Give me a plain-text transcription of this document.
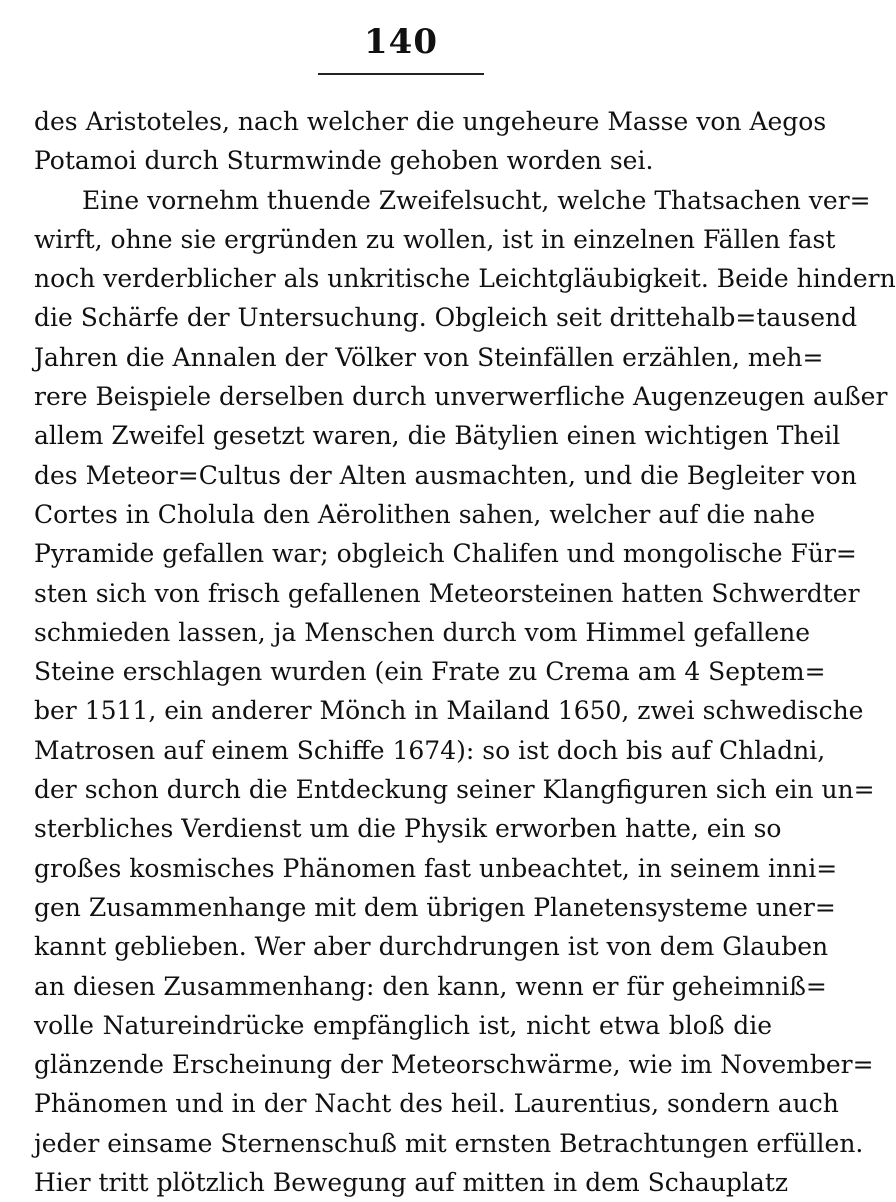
140
des Aristoteles, nach welcher die ungeheure Masse von Aegos
Potamoi durch Sturmwinde gehoben worden sei.
Eine vornehm thuende Zweifelsucht, welche Thatsachen ver=
wirft, ohne sie ergründen zu wollen, ist in einzelnen Fällen fast
noch verderblicher als unkritische Leichtgläubigkeit. Beide hindern
die Schärfe der Untersuchung. Obgleich seit drittehalb=tausend
Jahren die Annalen der Völker von Steinfällen erzählen, meh=
rere Beispiele derselben durch unverwerfliche Augenzeugen außer
allem Zweifel gesetzt waren, die Bätylien einen wichtigen Theil
des Meteor=Cultus der Alten ausmachten, und die Begleiter von
Cortes in Cholula den Aërolithen sahen, welcher auf die nahe
Pyramide gefallen war; obgleich Chalifen und mongolische Für=
sten sich von frisch gefallenen Meteorsteinen hatten Schwerdter
schmieden lassen, ja Menschen durch vom Himmel gefallene
Steine erschlagen wurden (ein Frate zu Crema am 4 Septem=
ber 1511, ein anderer Mönch in Mailand 1650, zwei schwedische
Matrosen auf einem Schiffe 1674): so ist doch bis auf Chladni,
der schon durch die Entdeckung seiner Klangfiguren sich ein un=
sterbliches Verdienst um die Physik erworben hatte, ein so
großes kosmisches Phänomen fast unbeachtet, in seinem inni=
gen Zusammenhange mit dem übrigen Planetensysteme uner=
kannt geblieben. Wer aber durchdrungen ist von dem Glauben
an diesen Zusammenhang: den kann, wenn er für geheimniß=
volle Natureindrücke empfänglich ist, nicht etwa bloß die
glänzende Erscheinung der Meteorschwärme, wie im November=
Phänomen und in der Nacht des heil. Laurentius, sondern auch
jeder einsame Sternenschuß mit ernsten Betrachtungen erfüllen.
Hier tritt plötzlich Bewegung auf mitten in dem Schauplatz
